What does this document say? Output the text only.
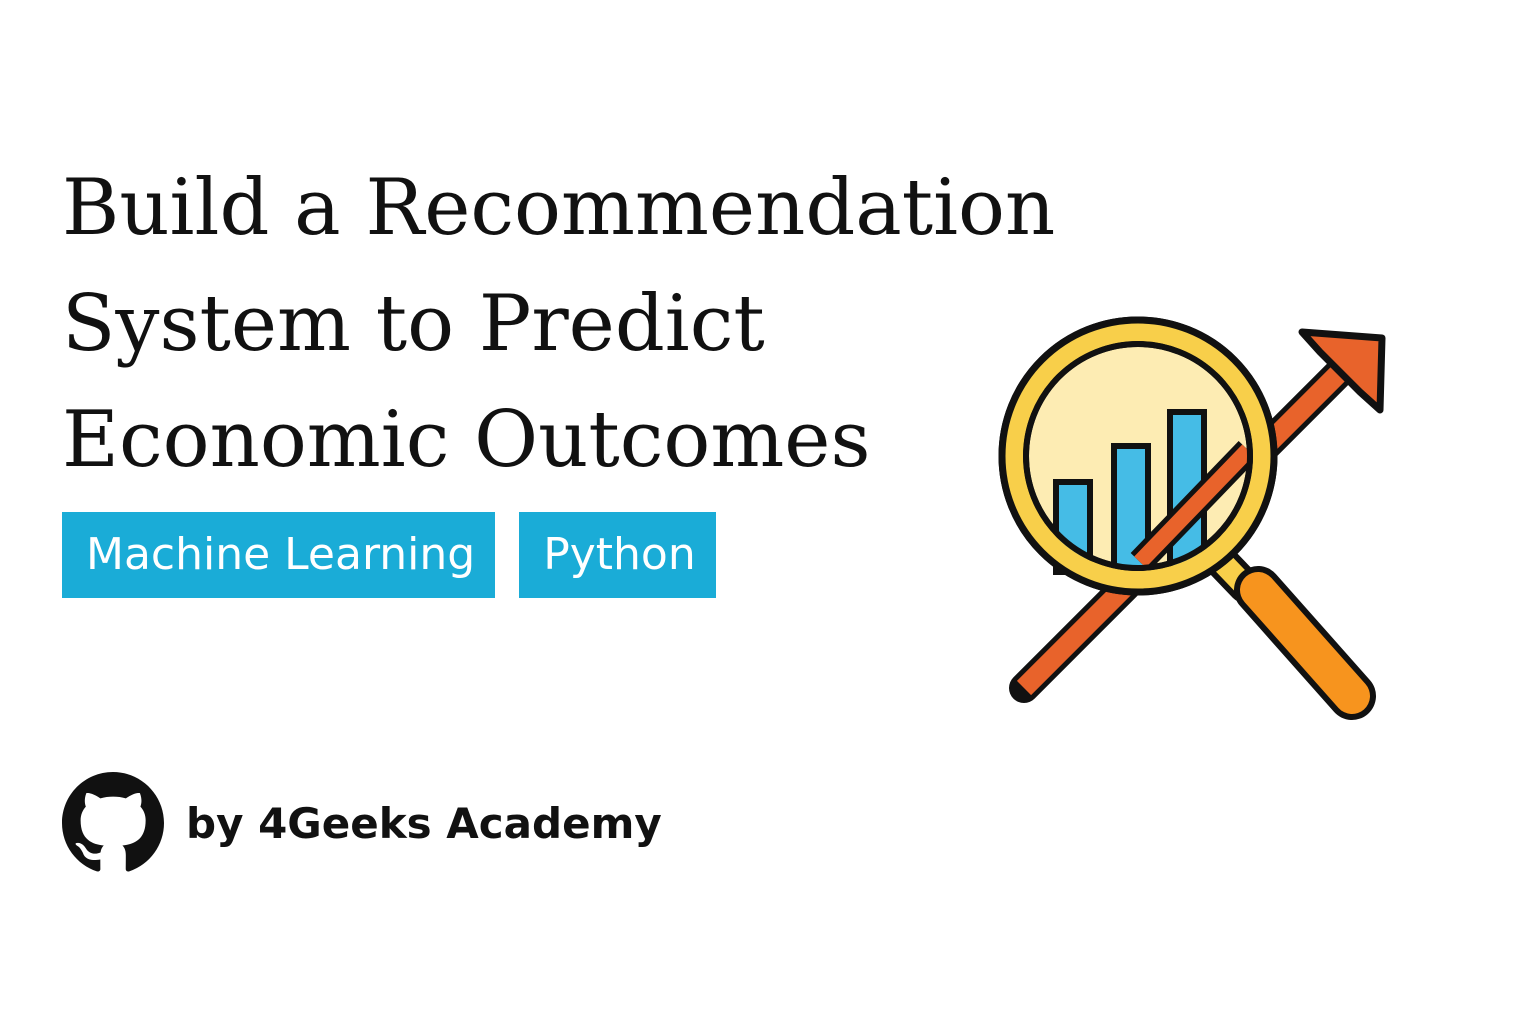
Build a Recommendation
System to Predict
Economic Outcomes
Machine Learning	Python
by 4Geeks Academy
